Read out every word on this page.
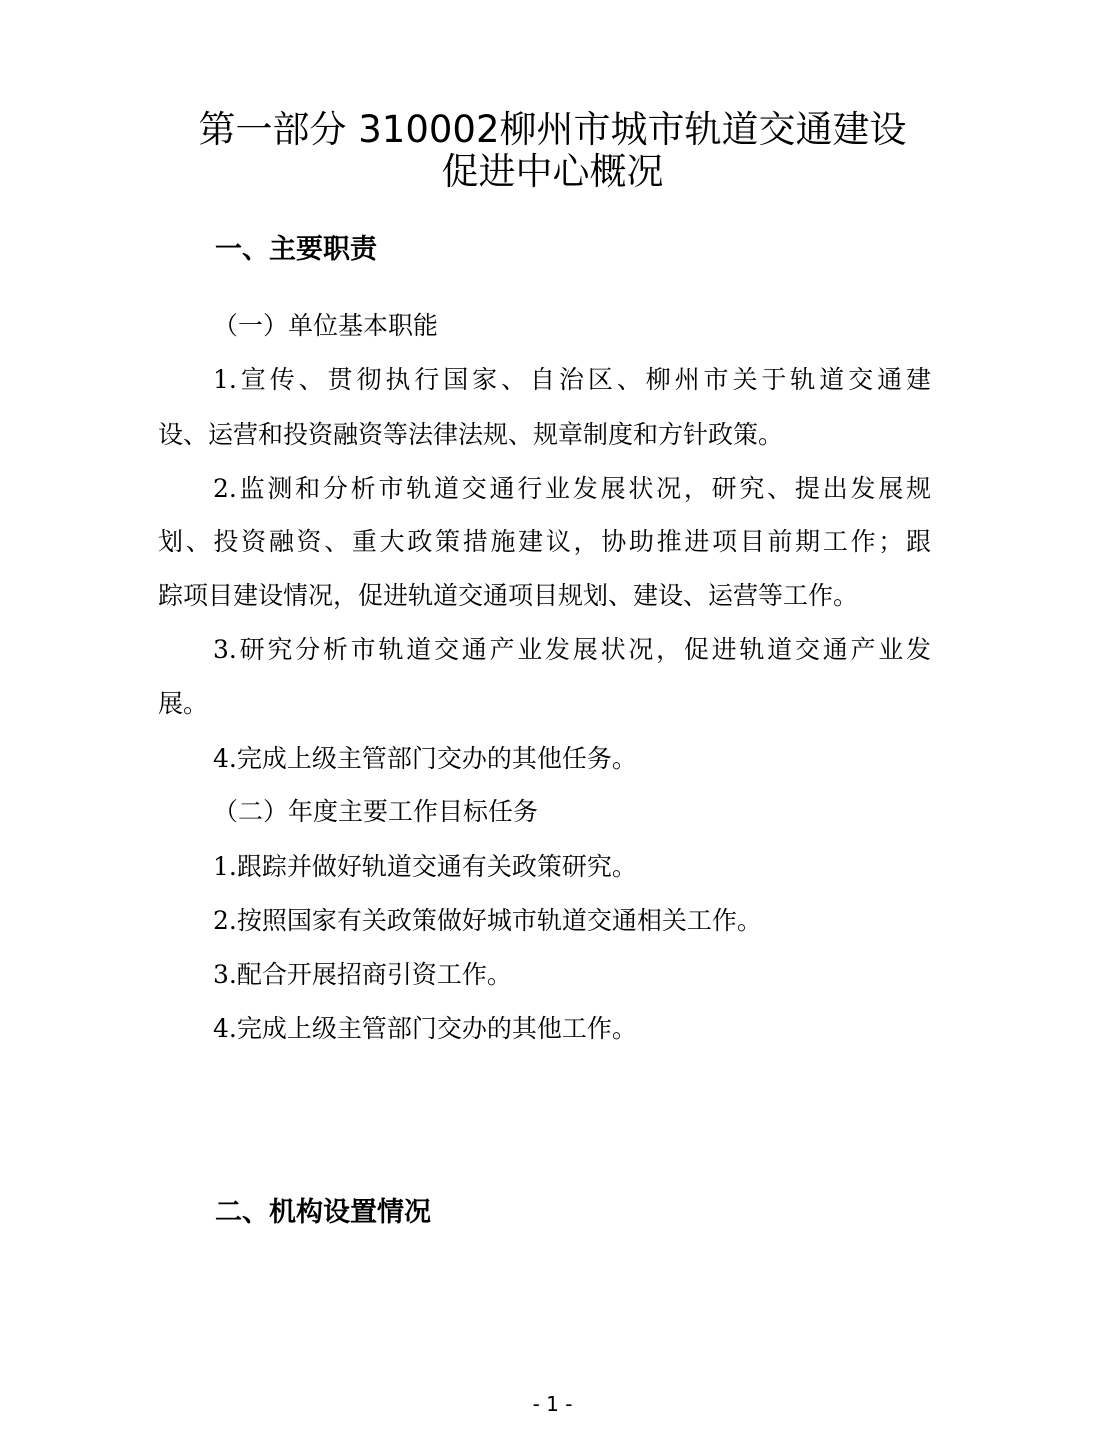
第一部分 310002柳州市城市轨道交通建设
促进中心概况
一、主要职责

（一）单位基本职能

1.宣传、贯彻执行国家、自治区、柳州市关于轨道交通建

设、运营和投资融资等法律法规、规章制度和方针政策。

2.监测和分析市轨道交通行业发展状况，研究、提出发展规

划、投资融资、重大政策措施建议，协助推进项目前期工作；跟

踪项目建设情况，促进轨道交通项目规划、建设、运营等工作。

3.研究分析市轨道交通产业发展状况，促进轨道交通产业发

展。

4.完成上级主管部门交办的其他任务。

（二）年度主要工作目标任务

1.跟踪并做好轨道交通有关政策研究。

2.按照国家有关政策做好城市轨道交通相关工作。

3.配合开展招商引资工作。

4.完成上级主管部门交办的其他工作。

二、机构设置情况
- 1 -
